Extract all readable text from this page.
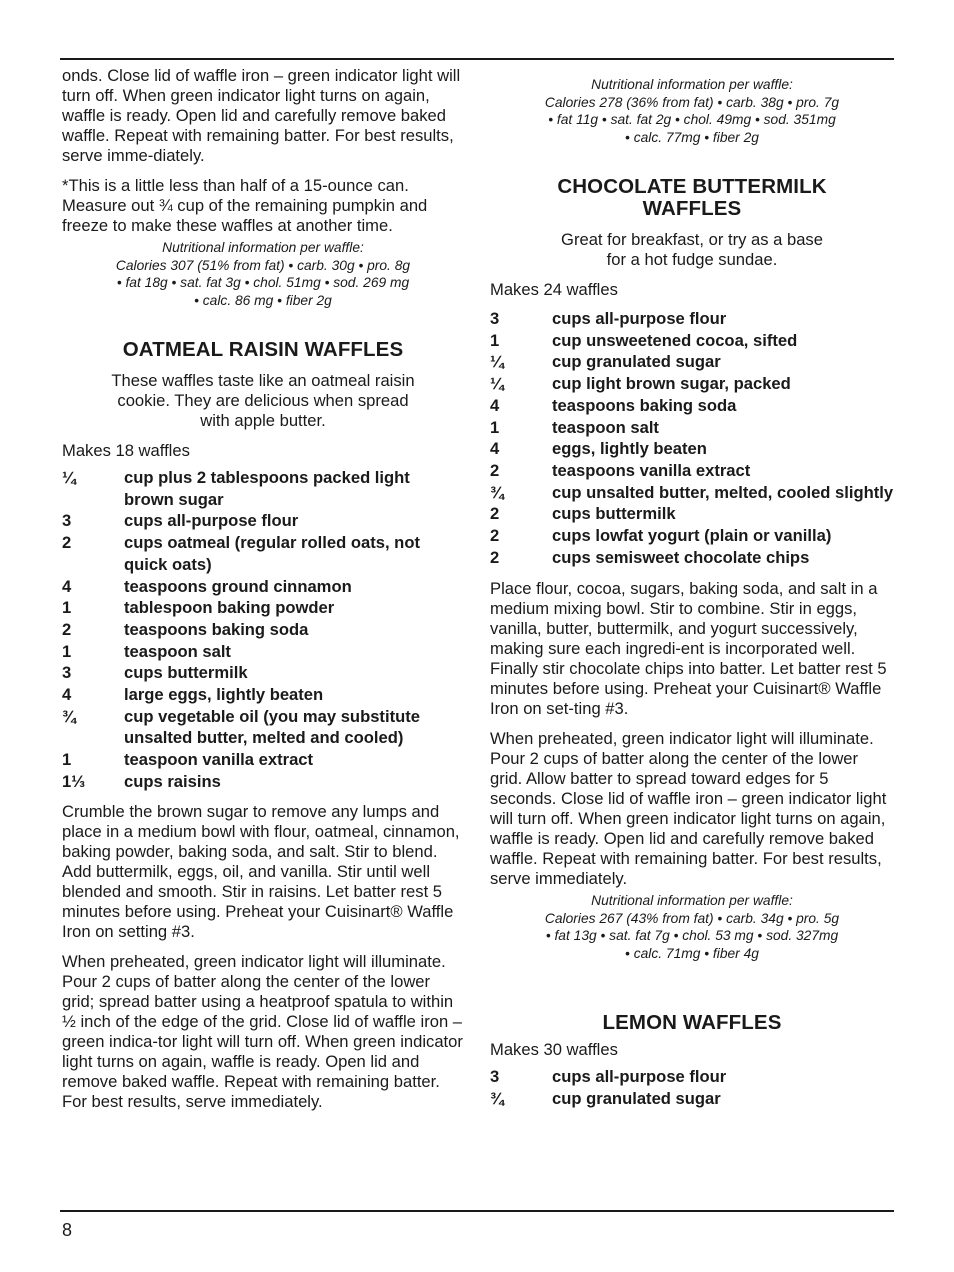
onds. Close lid of waffle iron – green indicator light will turn off. When green indicator light turns on again, waffle is ready. Open lid and carefully remove baked waffle. Repeat with remaining batter. For best results, serve imme-diately.

*This is a little less than half of a 15-ounce can. Measure out ¾ cup of the remaining pumpkin and freeze to make these waffles at another time.

Nutritional information per waffle:
Calories 307 (51% from fat) • carb. 30g • pro. 8g
• fat 18g • sat. fat 3g • chol. 51mg • sod. 269 mg
• calc. 86 mg • fiber 2g
OATMEAL RAISIN WAFFLES

These waffles taste like an oatmeal raisin cookie. They are delicious when spread with apple butter.

Makes 18 waffles

¼	cup plus 2 tablespoons packed light brown sugar
3	cups all-purpose flour
2	cups oatmeal (regular rolled oats, not quick oats)
4	teaspoons ground cinnamon
1	tablespoon baking powder
2	teaspoons baking soda
1	teaspoon salt
3	cups buttermilk
4	large eggs, lightly beaten
¾	cup vegetable oil (you may substitute unsalted butter, melted and cooled)
1	teaspoon vanilla extract
1⅓	cups raisins

Crumble the brown sugar to remove any lumps and place in a medium bowl with flour, oatmeal, cinnamon, baking powder, baking soda, and salt. Stir to blend. Add buttermilk, eggs, oil, and vanilla. Stir until well blended and smooth. Stir in raisins. Let batter rest 5 minutes before using. Preheat your Cuisinart® Waffle Iron on setting #3.

When preheated, green indicator light will illuminate. Pour 2 cups of batter along the center of the lower grid; spread batter using a heatproof spatula to within ½ inch of the edge of the grid. Close lid of waffle iron – green indica-tor light will turn off. When green indicator light turns on again, waffle is ready. Open lid and remove baked waffle. Repeat with remaining batter. For best results, serve immediately.

Nutritional information per waffle:
Calories 278 (36% from fat) • carb. 38g • pro. 7g
• fat 11g • sat. fat 2g • chol. 49mg • sod. 351mg
• calc. 77mg • fiber 2g
CHOCOLATE BUTTERMILK
WAFFLES

Great for breakfast, or try as a base
for a hot fudge sundae.

Makes 24 waffles

3	cups all-purpose flour
1	cup unsweetened cocoa, sifted
¼	cup granulated sugar
¼	cup light brown sugar, packed
4	teaspoons baking soda
1	teaspoon salt
4	eggs, lightly beaten
2	teaspoons vanilla extract
¾	cup unsalted butter, melted, cooled slightly
2	cups buttermilk
2	cups lowfat yogurt (plain or vanilla)
2	cups semisweet chocolate chips

Place flour, cocoa, sugars, baking soda, and salt in a medium mixing bowl. Stir to combine. Stir in eggs, vanilla, butter, buttermilk, and yogurt successively, making sure each ingredi-ent is incorporated well. Finally stir chocolate chips into batter. Let batter rest 5 minutes before using. Preheat your Cuisinart® Waffle Iron on set-ting #3.

When preheated, green indicator light will illuminate. Pour 2 cups of batter along the center of the lower grid. Allow batter to spread toward edges for 5 seconds. Close lid of waffle iron – green indicator light will turn off. When green indicator light turns on again, waffle is ready. Open lid and carefully remove baked waffle. Repeat with remaining batter. For best results, serve immediately.

Nutritional information per waffle:
Calories 267 (43% from fat) • carb. 34g • pro. 5g
• fat 13g • sat. fat 7g • chol. 53 mg • sod. 327mg
• calc. 71mg • fiber 4g
LEMON WAFFLES

Makes 30 waffles

3	cups all-purpose flour
¾	cup granulated sugar
8
